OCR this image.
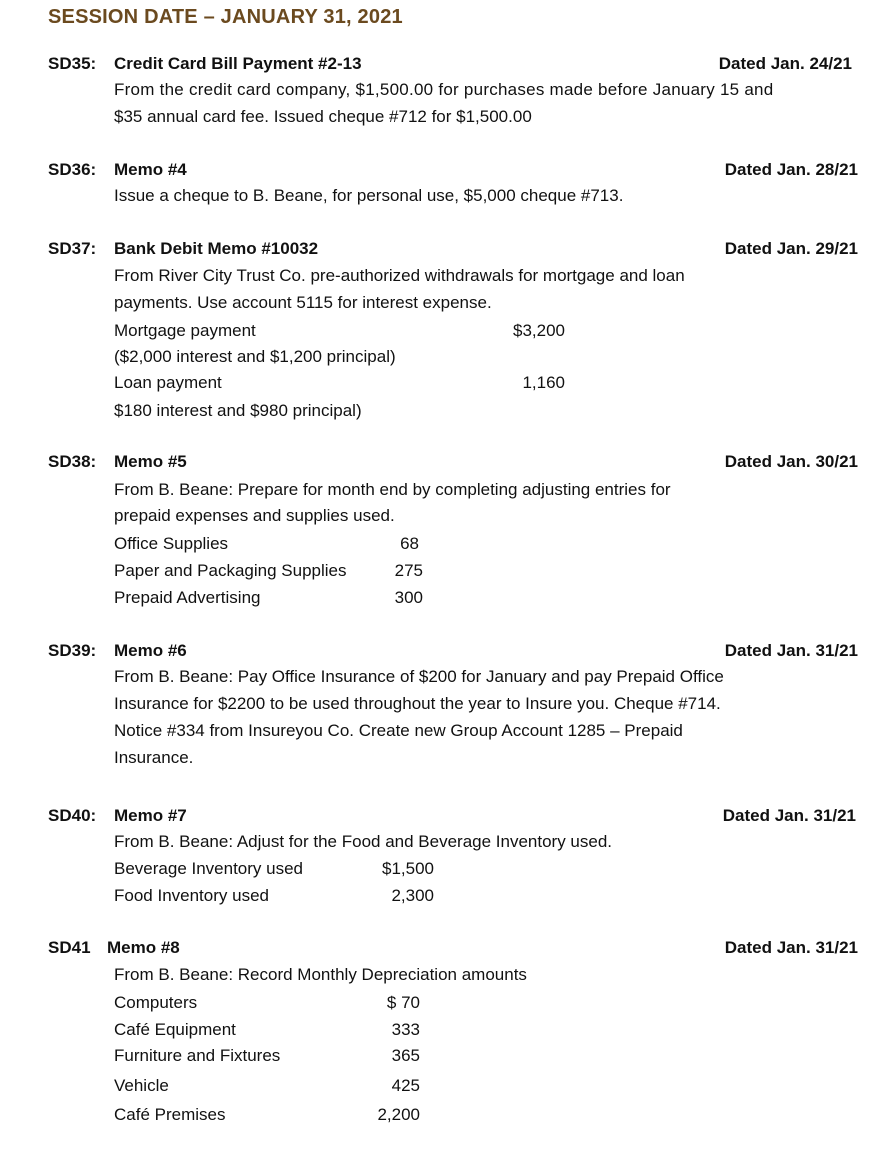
SESSION DATE – JANUARY 31, 2021
SD35: Credit Card Bill Payment #2-13	Dated Jan. 24/21
From the credit card company, $1,500.00 for purchases made before January 15 and
$35 annual card fee. Issued cheque #712 for $1,500.00
SD36: Memo #4	Dated Jan. 28/21
Issue a cheque to B. Beane, for personal use, $5,000 cheque #713.
SD37: Bank Debit Memo #10032	Dated Jan. 29/21
From River City Trust Co. pre-authorized withdrawals for mortgage and loan
payments. Use account 5115 for interest expense.
Mortgage payment	$3,200
($2,000 interest and $1,200 principal)
Loan payment	1,160
$180 interest and $980 principal)
SD38: Memo #5	Dated Jan. 30/21
From B. Beane: Prepare for month end by completing adjusting entries for
prepaid expenses and supplies used.
Office Supplies	68
Paper and Packaging Supplies	275
Prepaid Advertising	300
SD39: Memo #6	Dated Jan. 31/21
From B. Beane: Pay Office Insurance of $200 for January and pay Prepaid Office
Insurance for $2200 to be used throughout the year to Insure you. Cheque #714.
Notice #334 from Insureyou Co. Create new Group Account 1285 – Prepaid
Insurance.
SD40: Memo #7	Dated Jan. 31/21
From B. Beane: Adjust for the Food and Beverage Inventory used.
Beverage Inventory used	$1,500
Food Inventory used	2,300
SD41 Memo #8	Dated Jan. 31/21
From B. Beane: Record Monthly Depreciation amounts
Computers	$ 70
Café Equipment	333
Furniture and Fixtures	365
Vehicle	425
Café Premises	2,200
